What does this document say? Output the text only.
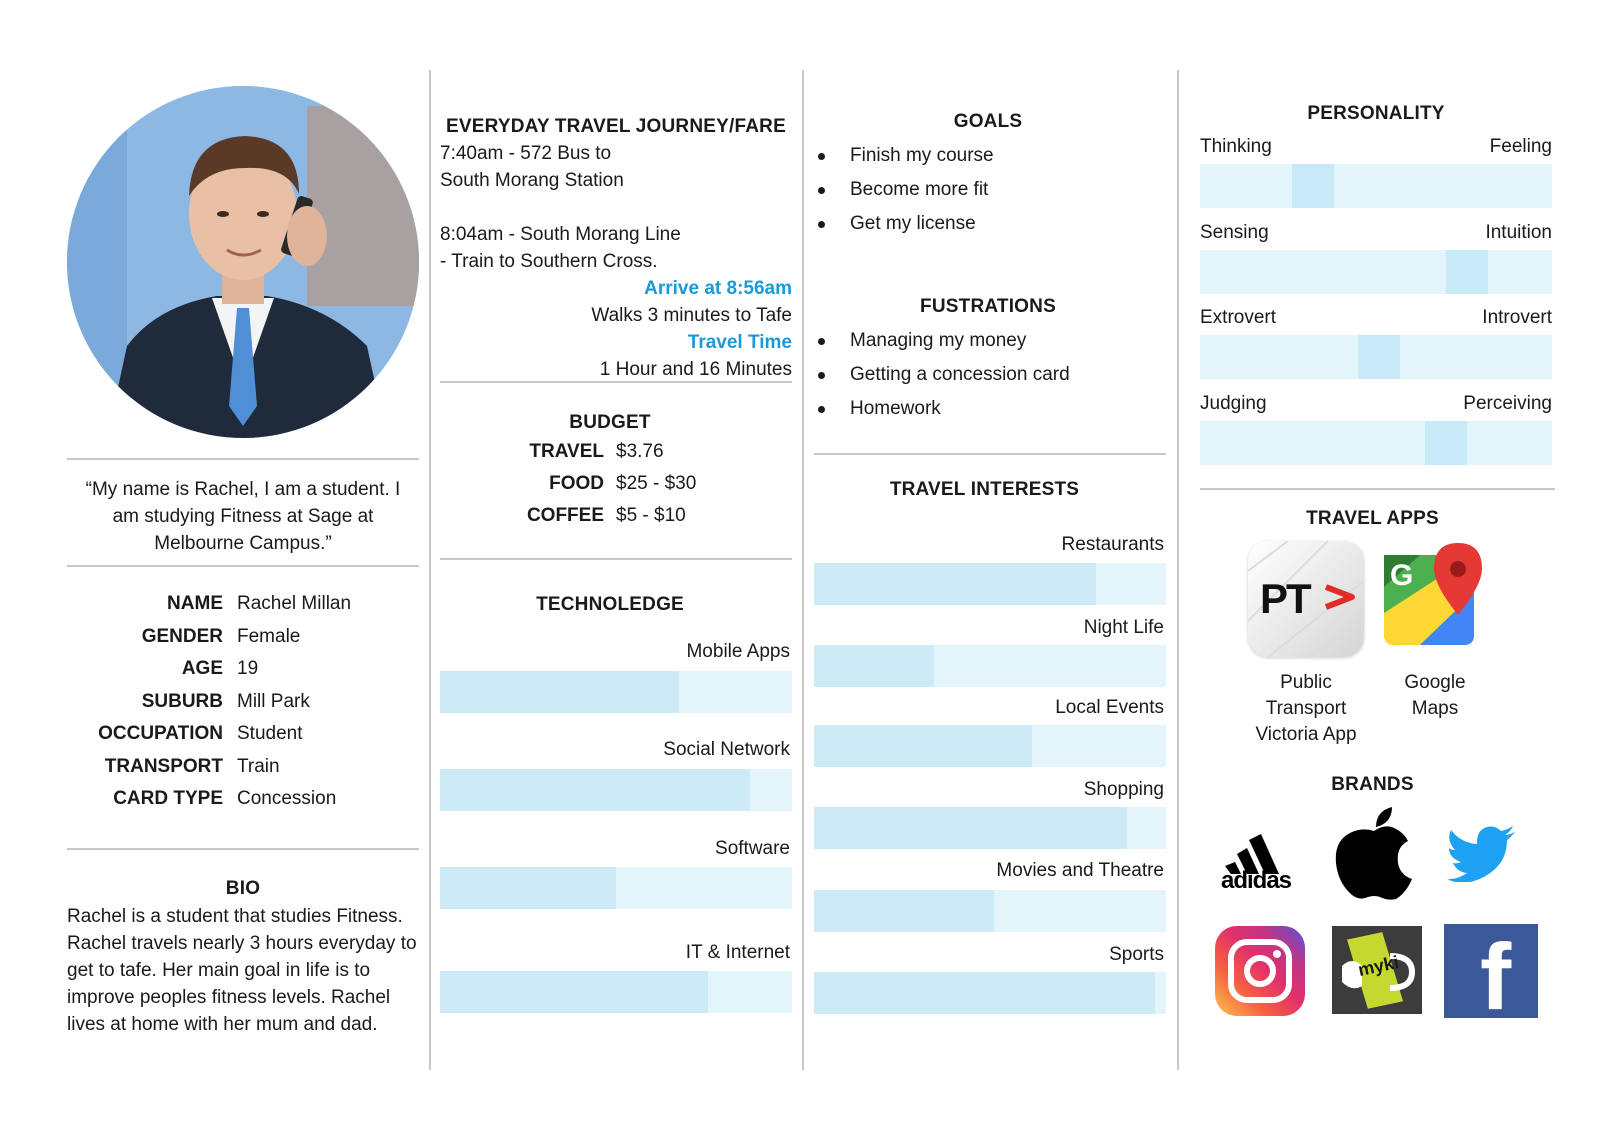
“My name is Rachel, I am a student. I am studying Fitness at Sage at Melbourne Campus.”
NAME Rachel Millan
GENDER Female
AGE 19
SUBURB Mill Park
OCCUPATION Student
TRANSPORT Train
CARD TYPE Concession
BIO
Rachel is a student that studies Fitness. Rachel travels nearly 3 hours everyday to get to tafe. Her main goal in life is to improve peoples fitness levels. Rachel lives at home with her mum and dad.
EVERYDAY TRAVEL JOURNEY/FARE
7:40am - 572 Bus to
South Morang Station
8:04am - South Morang Line
- Train to Southern Cross.
Arrive at 8:56am
Walks 3 minutes to Tafe
Travel Time
1 Hour and 16 Minutes
BUDGET
TRAVEL $3.76
FOOD $25 - $30
COFFEE $5 - $10
TECHNOLEDGE
Mobile Apps
Social Network
Software
IT & Internet
GOALS
Finish my course
Become more fit
Get my license
FUSTRATIONS
Managing my money
Getting a concession card
Homework
TRAVEL INTERESTS
Restaurants
Night Life
Local Events
Shopping
Movies and Theatre
Sports
PERSONALITY
Thinking	Feeling
Sensing	Intuition
Extrovert	Introvert
Judging	Perceiving
TRAVEL APPS
PT
Public Transport Victoria App
G
Google Maps
BRANDS
adidas
myki f
